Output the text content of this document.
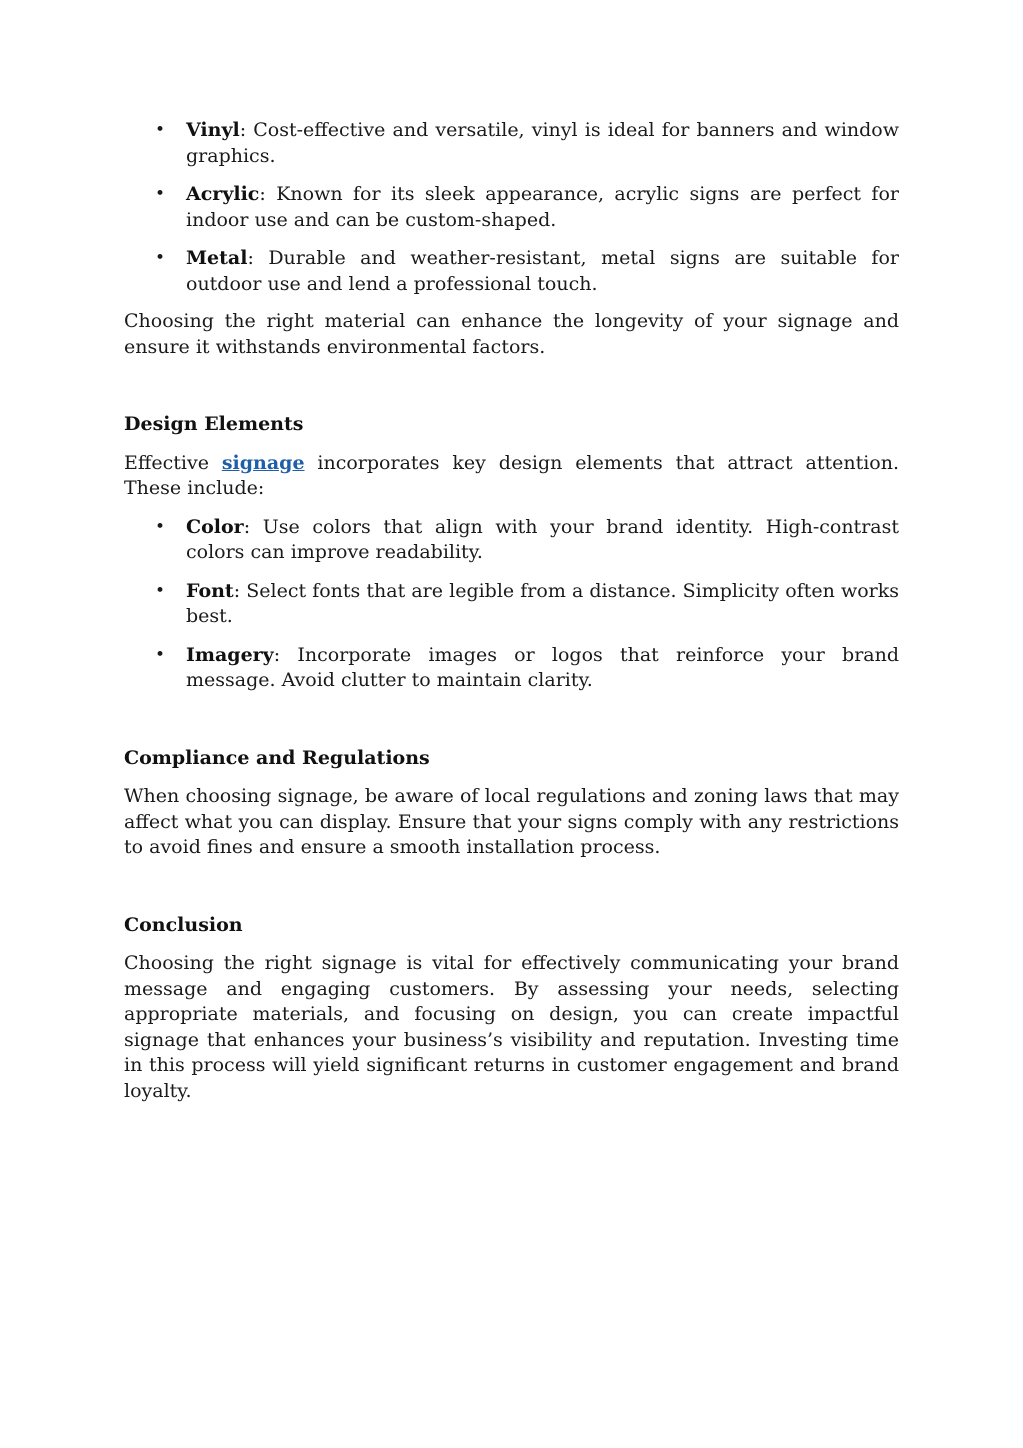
• Vinyl: Cost-effective and versatile, vinyl is ideal for banners and window graphics.
• Acrylic: Known for its sleek appearance, acrylic signs are perfect for indoor use and can be custom-shaped.
• Metal: Durable and weather-resistant, metal signs are suitable for outdoor use and lend a professional touch.

Choosing the right material can enhance the longevity of your signage and ensure it withstands environmental factors.

Design Elements

Effective signage incorporates key design elements that attract attention. These include:

• Color: Use colors that align with your brand identity. High-contrast colors can improve readability.
• Font: Select fonts that are legible from a distance. Simplicity often works best.
• Imagery: Incorporate images or logos that reinforce your brand message. Avoid clutter to maintain clarity.
Compliance and Regulations

When choosing signage, be aware of local regulations and zoning laws that may affect what you can display. Ensure that your signs comply with any restrictions to avoid fines and ensure a smooth installation process.

Conclusion

Choosing the right signage is vital for effectively communicating your brand message and engaging customers. By assessing your needs, selecting appropriate materials, and focusing on design, you can create impactful signage that enhances your business’s visibility and reputation. Investing time in this process will yield significant returns in customer engagement and brand loyalty.
